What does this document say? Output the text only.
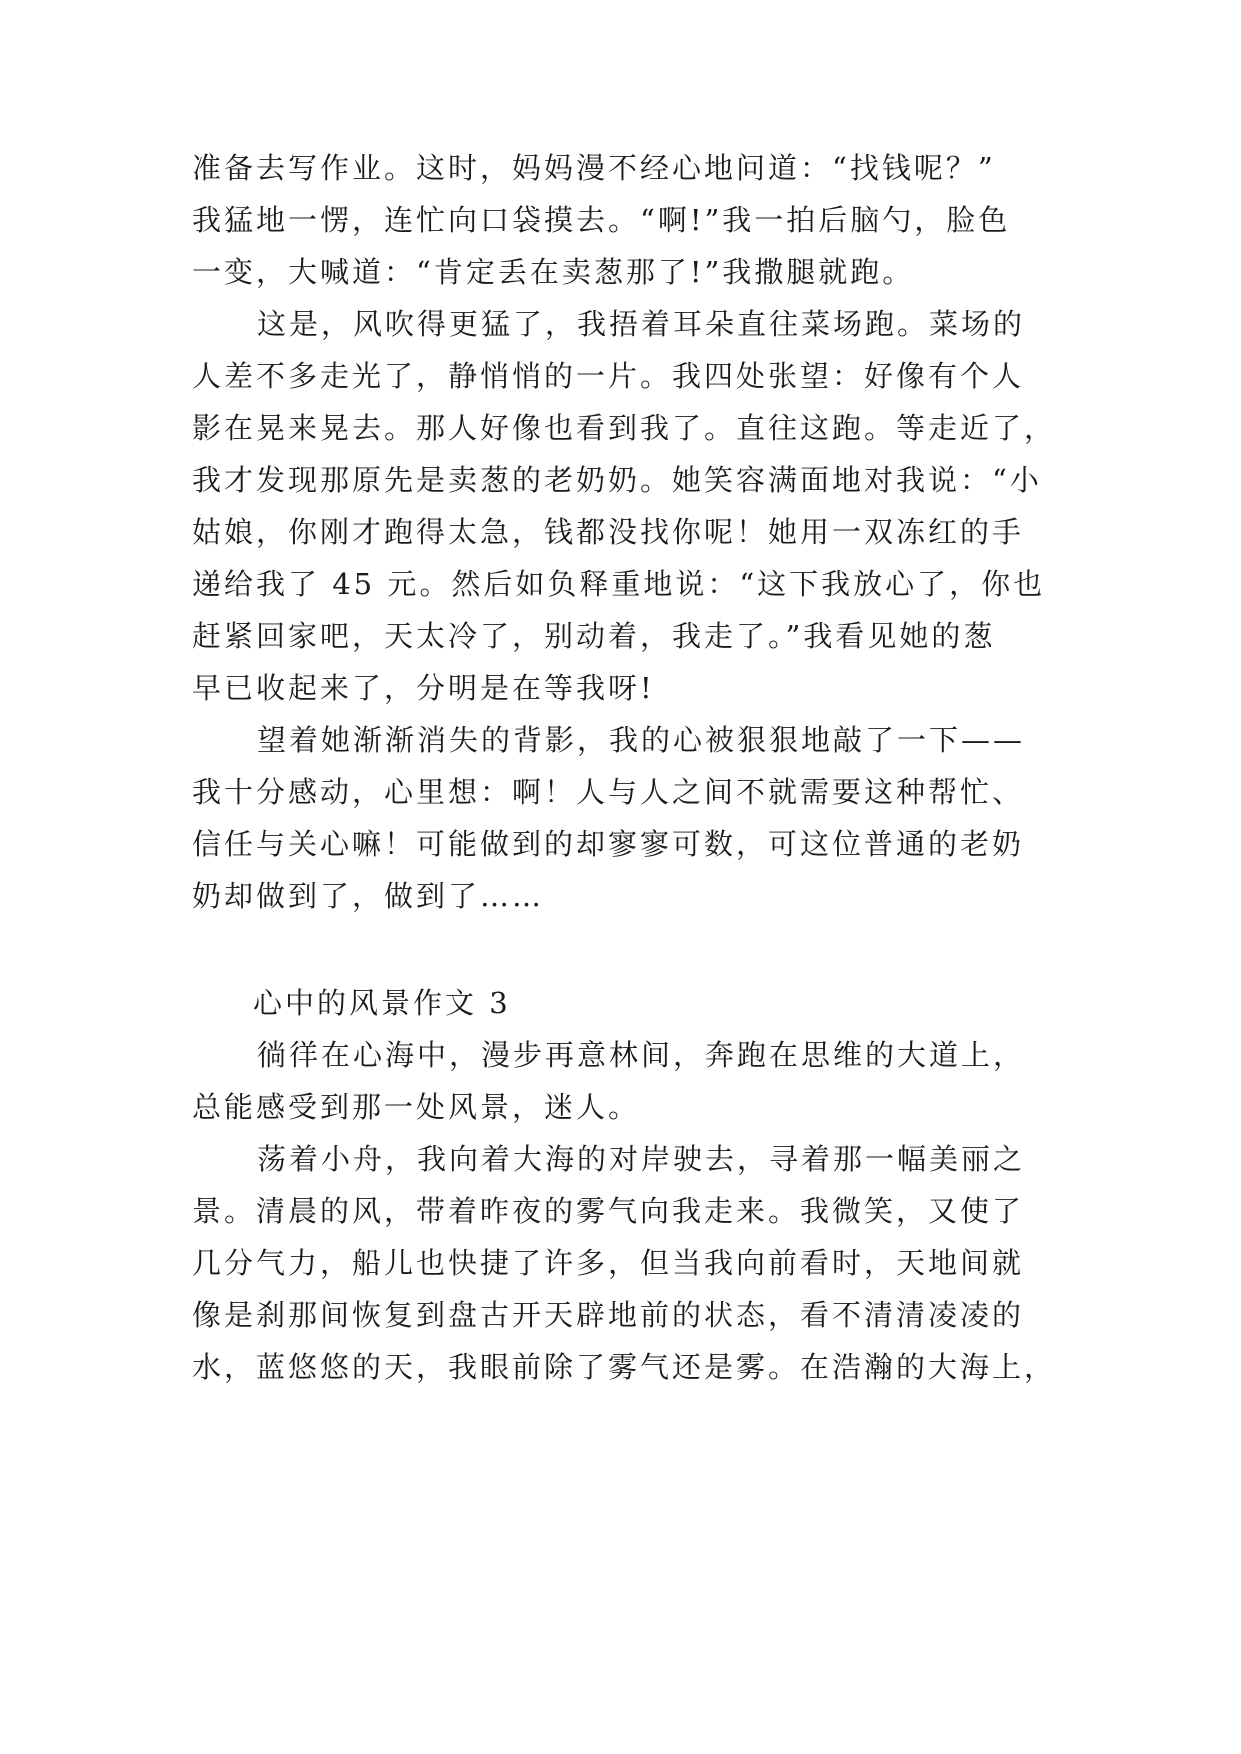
准备去写作业。这时，妈妈漫不经心地问道：“找钱呢？”
我猛地一愣，连忙向口袋摸去。“啊!”我一拍后脑勺，脸色
一变，大喊道：“肯定丢在卖葱那了!”我撒腿就跑。
这是，风吹得更猛了，我捂着耳朵直往菜场跑。菜场的
人差不多走光了，静悄悄的一片。我四处张望：好像有个人
影在晃来晃去。那人好像也看到我了。直往这跑。等走近了，
我才发现那原先是卖葱的老奶奶。她笑容满面地对我说：“小
姑娘，你刚才跑得太急，钱都没找你呢！她用一双冻红的手
递给我了 45 元。然后如负释重地说：“这下我放心了，你也
赶紧回家吧，天太冷了，别动着，我走了。”我看见她的葱
早已收起来了，分明是在等我呀!
望着她渐渐消失的背影，我的心被狠狠地敲了一下——
我十分感动，心里想：啊！人与人之间不就需要这种帮忙、
信任与关心嘛！可能做到的却寥寥可数，可这位普通的老奶
奶却做到了，做到了……
心中的风景作文 3
徜徉在心海中，漫步再意林间，奔跑在思维的大道上，
总能感受到那一处风景，迷人。
荡着小舟，我向着大海的对岸驶去，寻着那一幅美丽之
景。清晨的风，带着昨夜的雾气向我走来。我微笑，又使了
几分气力，船儿也快捷了许多，但当我向前看时，天地间就
像是刹那间恢复到盘古开天辟地前的状态，看不清清凌凌的
水，蓝悠悠的天，我眼前除了雾气还是雾。在浩瀚的大海上，
